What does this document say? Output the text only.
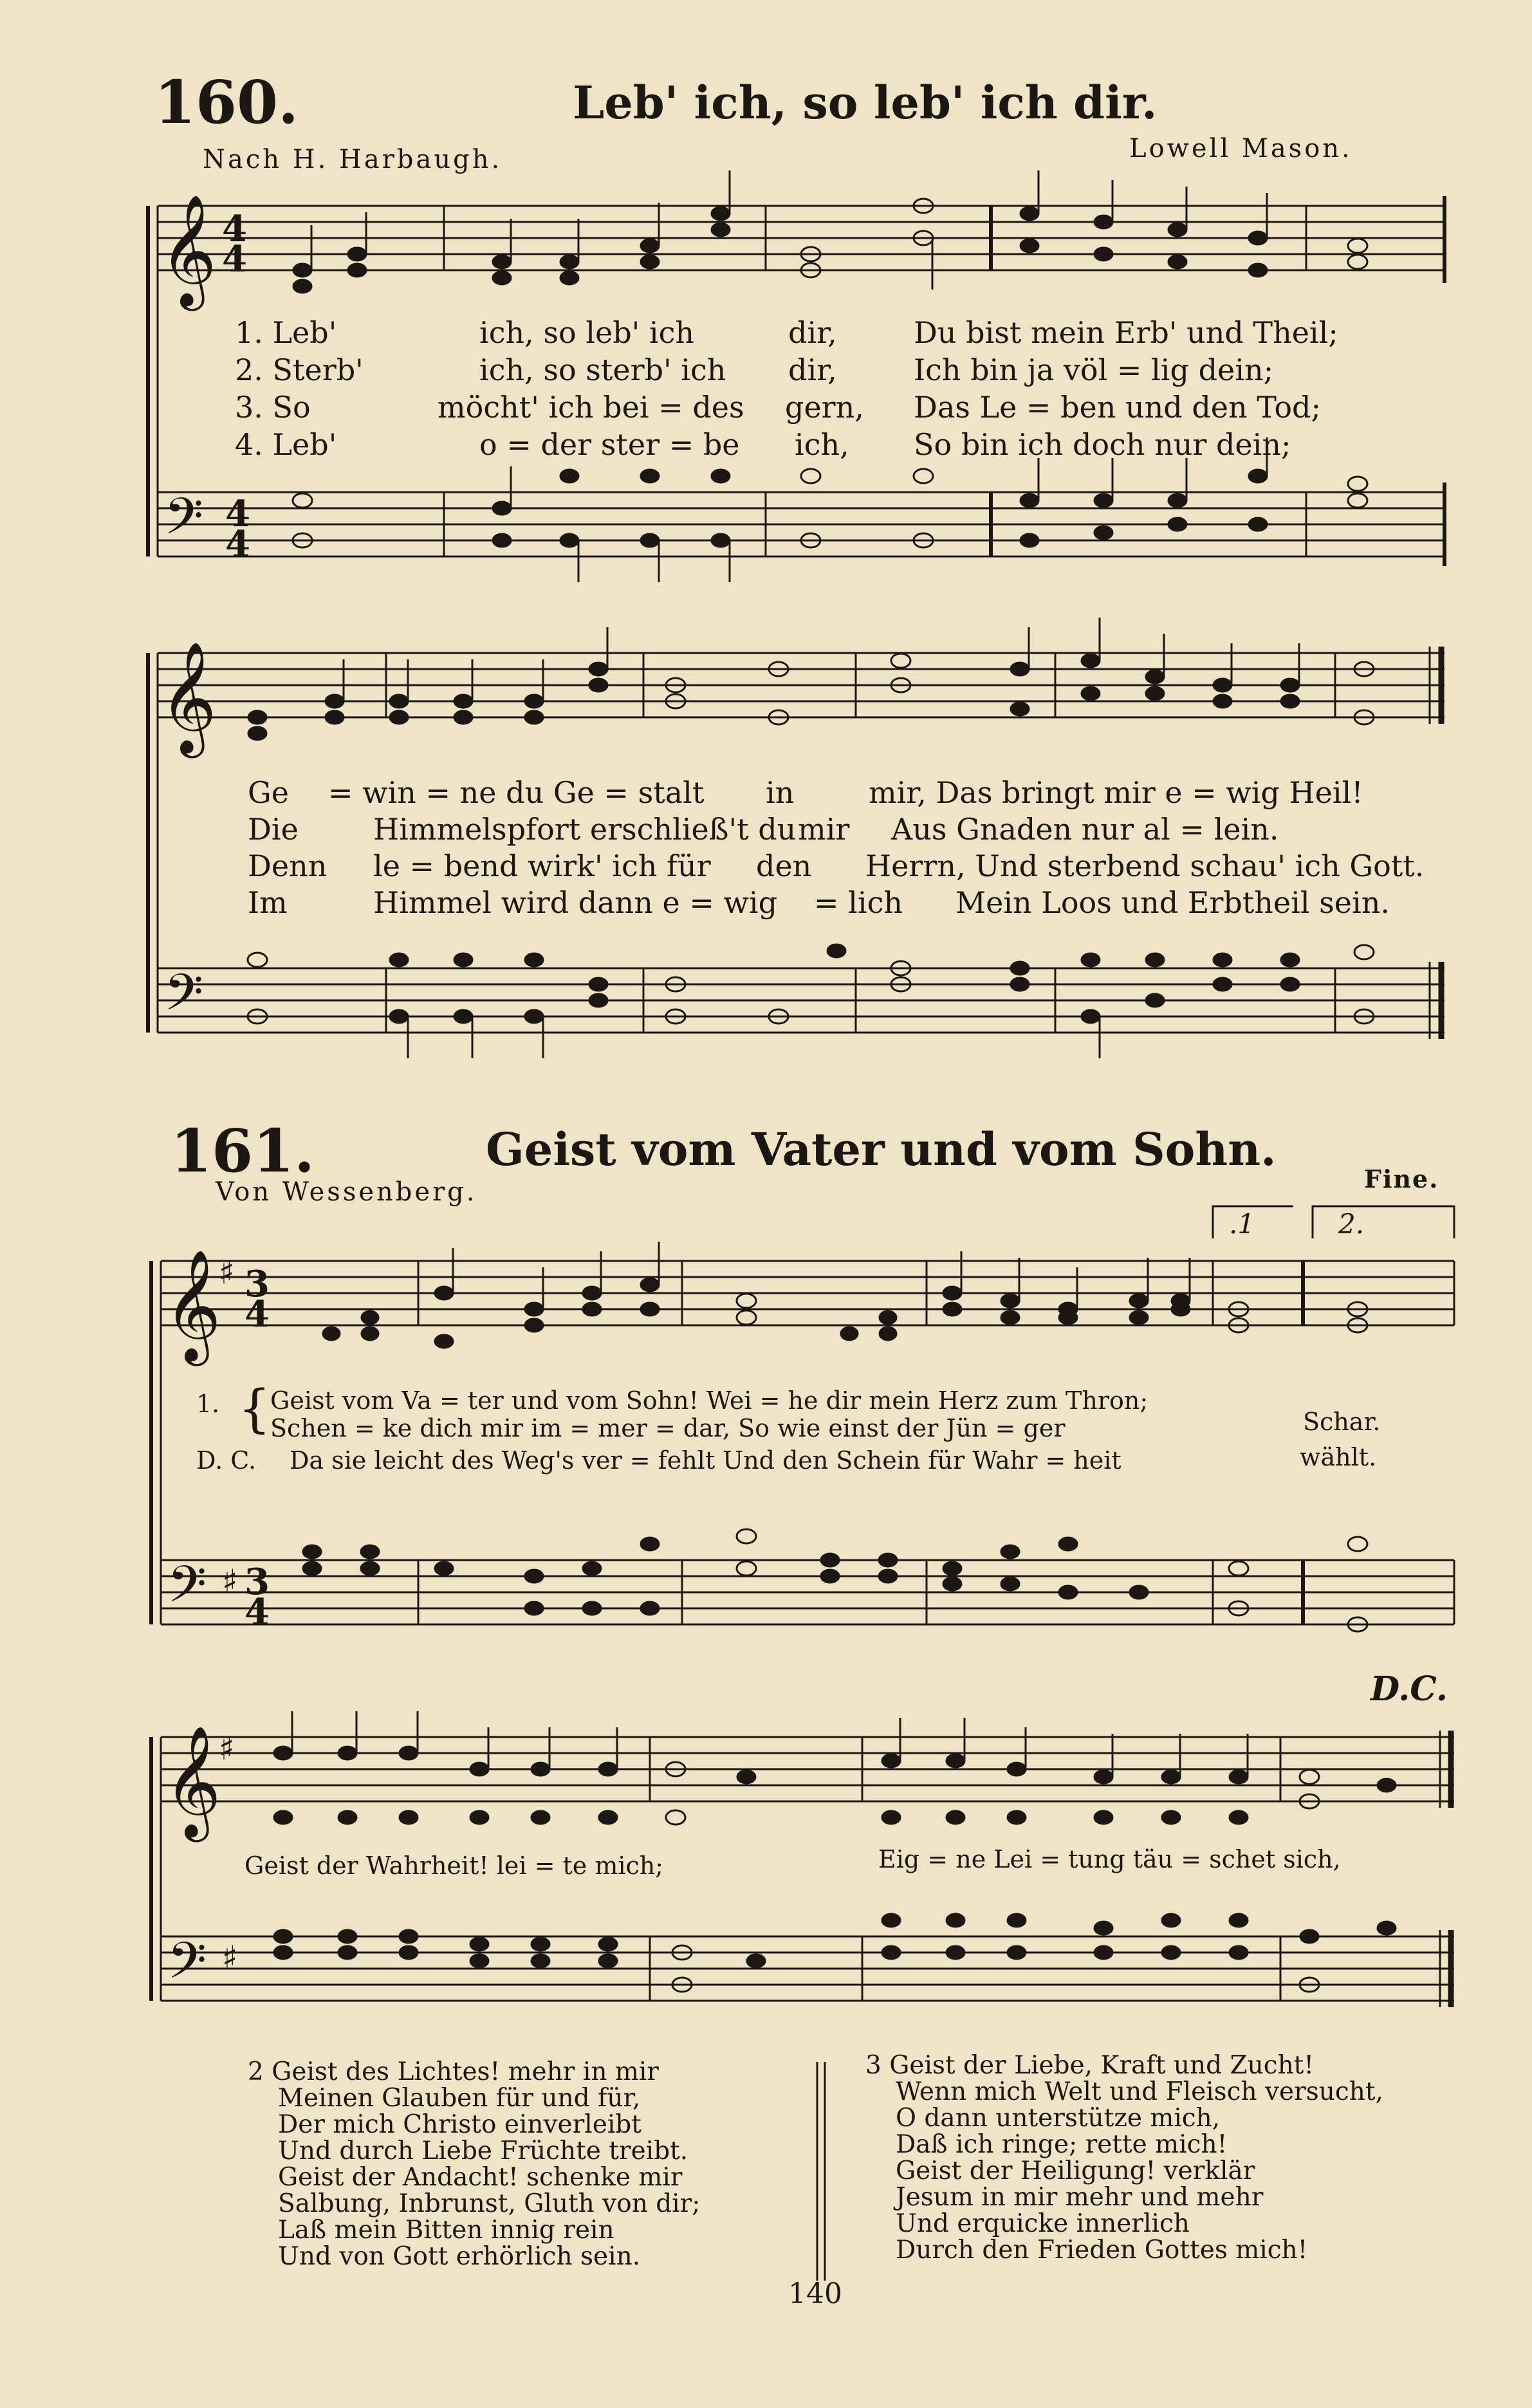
160.	Leb' ich, so leb' ich dir.
Nach H. Harbaugh.	Lowell Mason.
𝄞 4
4
𝄢 4
4
𝄞
𝄢
𝄞
♯ 3
4
𝄢 ♯ 3
4
𝄞
♯
𝄢 ♯
1. Leb'	ich, so leb' ich	dir,	Du bist mein Erb' und Theil;
2. Sterb'	ich, so sterb' ich dir,	Ich bin ja völ = lig dein;
3. So	möcht' ich bei = des gern, Das Le = ben und den Tod;
4. Leb'	o = der ster = be ich, So bin ich doch nur dein;
Ge = win = ne du Ge = stalt in	mir, Das bringt mir e = wig Heil!
Die	Himmelspfort erschließ't du mir Aus Gnaden nur al = lein.
Denn le = bend wirk' ich für den Herrn, Und sterbend schau' ich Gott.
Im	Himmel wird dann e = wig = lich Mein Loos und Erbtheil sein.
161.	Geist vom Vater und vom Sohn.
Von Wessenberg.	Fine.
.1	2.
1. { Geist vom Va = ter und vom Sohn! Wei = he dir mein Herz zum Thron;
Schen = ke dich mir im = mer = dar, So wie einst der Jün = ger	Schar.
D. C. Da sie leicht des Weg's ver = fehlt Und den Schein für Wahr = heit	wählt.
D.C.
Geist der Wahrheit! lei = te mich;	Eig = ne Lei = tung täu = schet sich,
2 Geist des Lichtes! mehr in mir
Meinen Glauben für und für,
Der mich Christo einverleibt
Und durch Liebe Früchte treibt.
Geist der Andacht! schenke mir
Salbung, Inbrunst, Gluth von dir;
Laß mein Bitten innig rein
Und von Gott erhörlich sein.
3 Geist der Liebe, Kraft und Zucht!
Wenn mich Welt und Fleisch versucht,
O dann unterstütze mich,
Daß ich ringe; rette mich!
Geist der Heiligung! verklär
Jesum in mir mehr und mehr
Und erquicke innerlich
Durch den Frieden Gottes mich!
140
